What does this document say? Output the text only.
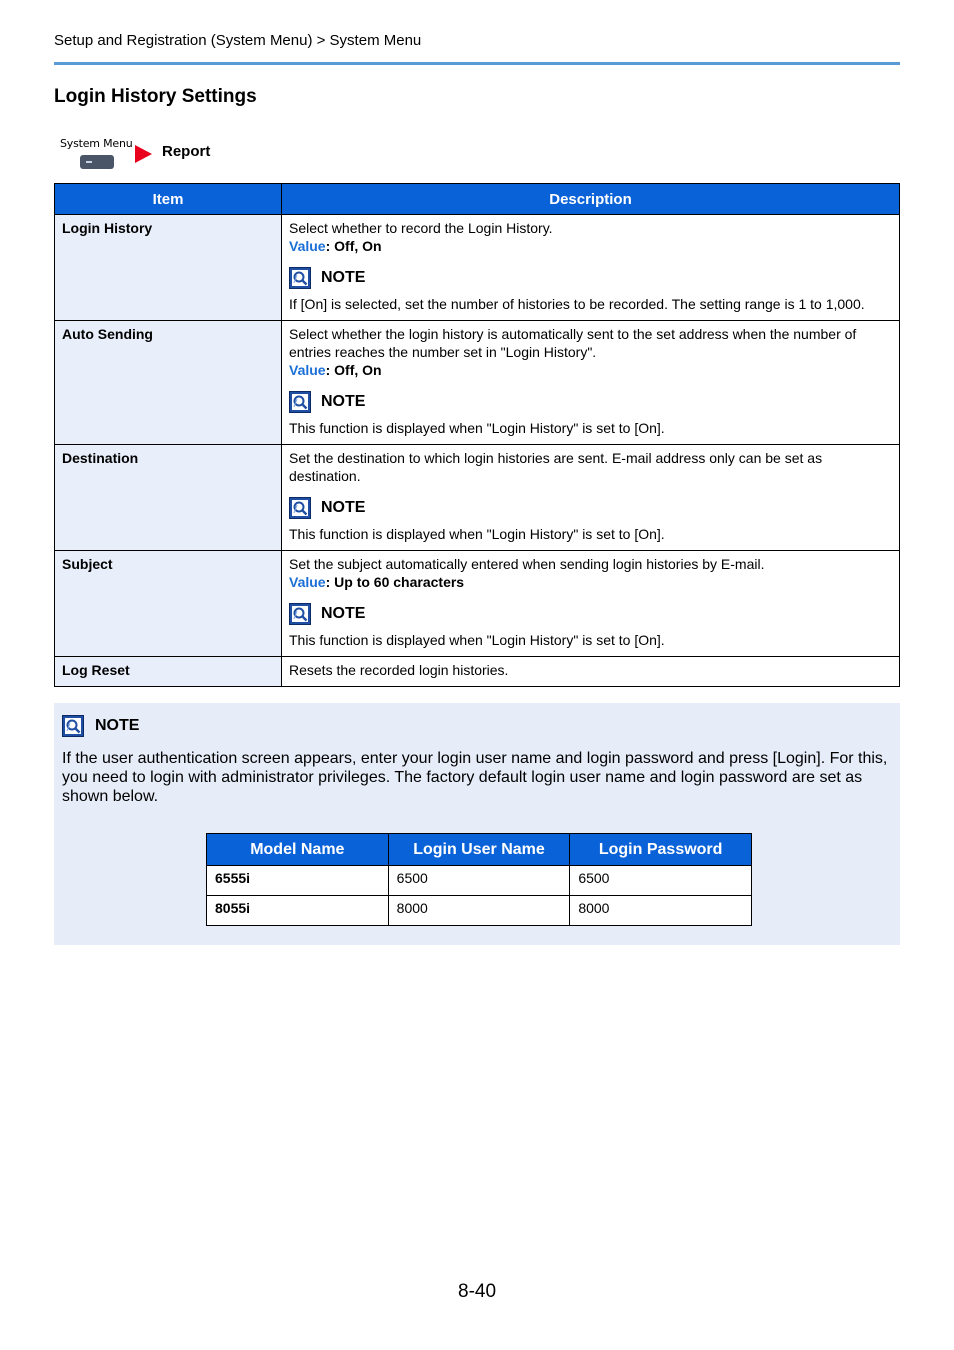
Setup and Registration (System Menu) > System Menu
Login History Settings
System Menu Report
Item	Description
Login History	Select whether to record the Login History.
Value: Off, On
NOTE
If [On] is selected, set the number of histories to be recorded. The setting range is 1 to 1,000.

Auto Sending	Select whether the login history is automatically sent to the set address when the number of entries reaches the number set in "Login History".
Value: Off, On
NOTE
This function is displayed when "Login History" is set to [On].

Destination	Set the destination to which login histories are sent. E-mail address only can be set as destination.
NOTE
This function is displayed when "Login History" is set to [On].

Subject	Set the subject automatically entered when sending login histories by E-mail.
Value: Up to 60 characters
NOTE
This function is displayed when "Login History" is set to [On].

Log Reset	Resets the recorded login histories.
NOTE
If the user authentication screen appears, enter your login user name and login password and press [Login]. For this, you need to login with administrator privileges. The factory default login user name and login password are set as shown below.
Model Name	Login User Name	Login Password
6555i	6500	6500
8055i	8000	8000
8-40
